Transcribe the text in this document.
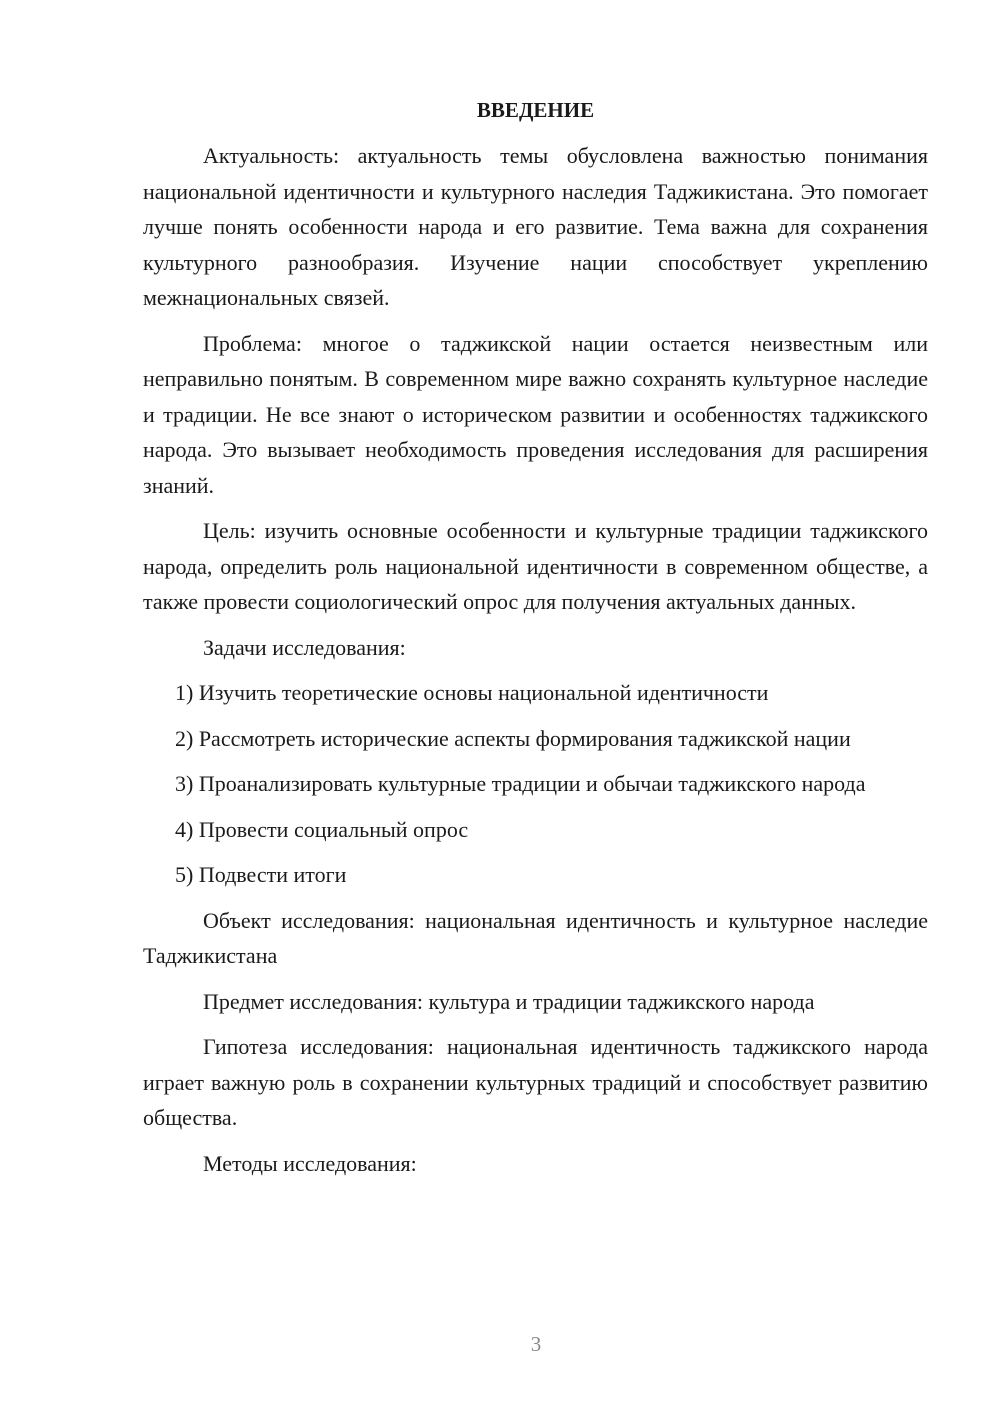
ВВЕДЕНИЕ

Актуальность: актуальность темы обусловлена важностью понимания национальной идентичности и культурного наследия Таджикистана. Это помогает лучше понять особенности народа и его развитие. Тема важна для сохранения культурного разнообразия. Изучение нации способствует укреплению межнациональных связей.

Проблема: многое о таджикской нации остается неизвестным или неправильно понятым. В современном мире важно сохранять культурное наследие и традиции. Не все знают о историческом развитии и особенностях таджикского народа. Это вызывает необходимость проведения исследования для расширения знаний.

Цель: изучить основные особенности и культурные традиции таджикского народа, определить роль национальной идентичности в современном обществе, а также провести социологический опрос для получения актуальных данных.

Задачи исследования:

1) Изучить теоретические основы национальной идентичности

2) Рассмотреть исторические аспекты формирования таджикской нации

3) Проанализировать культурные традиции и обычаи таджикского народа

4) Провести социальный опрос

5) Подвести итоги

Объект исследования: национальная идентичность и культурное наследие Таджикистана

Предмет исследования: культура и традиции таджикского народа

Гипотеза исследования: национальная идентичность таджикского народа играет важную роль в сохранении культурных традиций и способствует развитию общества.

Методы исследования:

3
